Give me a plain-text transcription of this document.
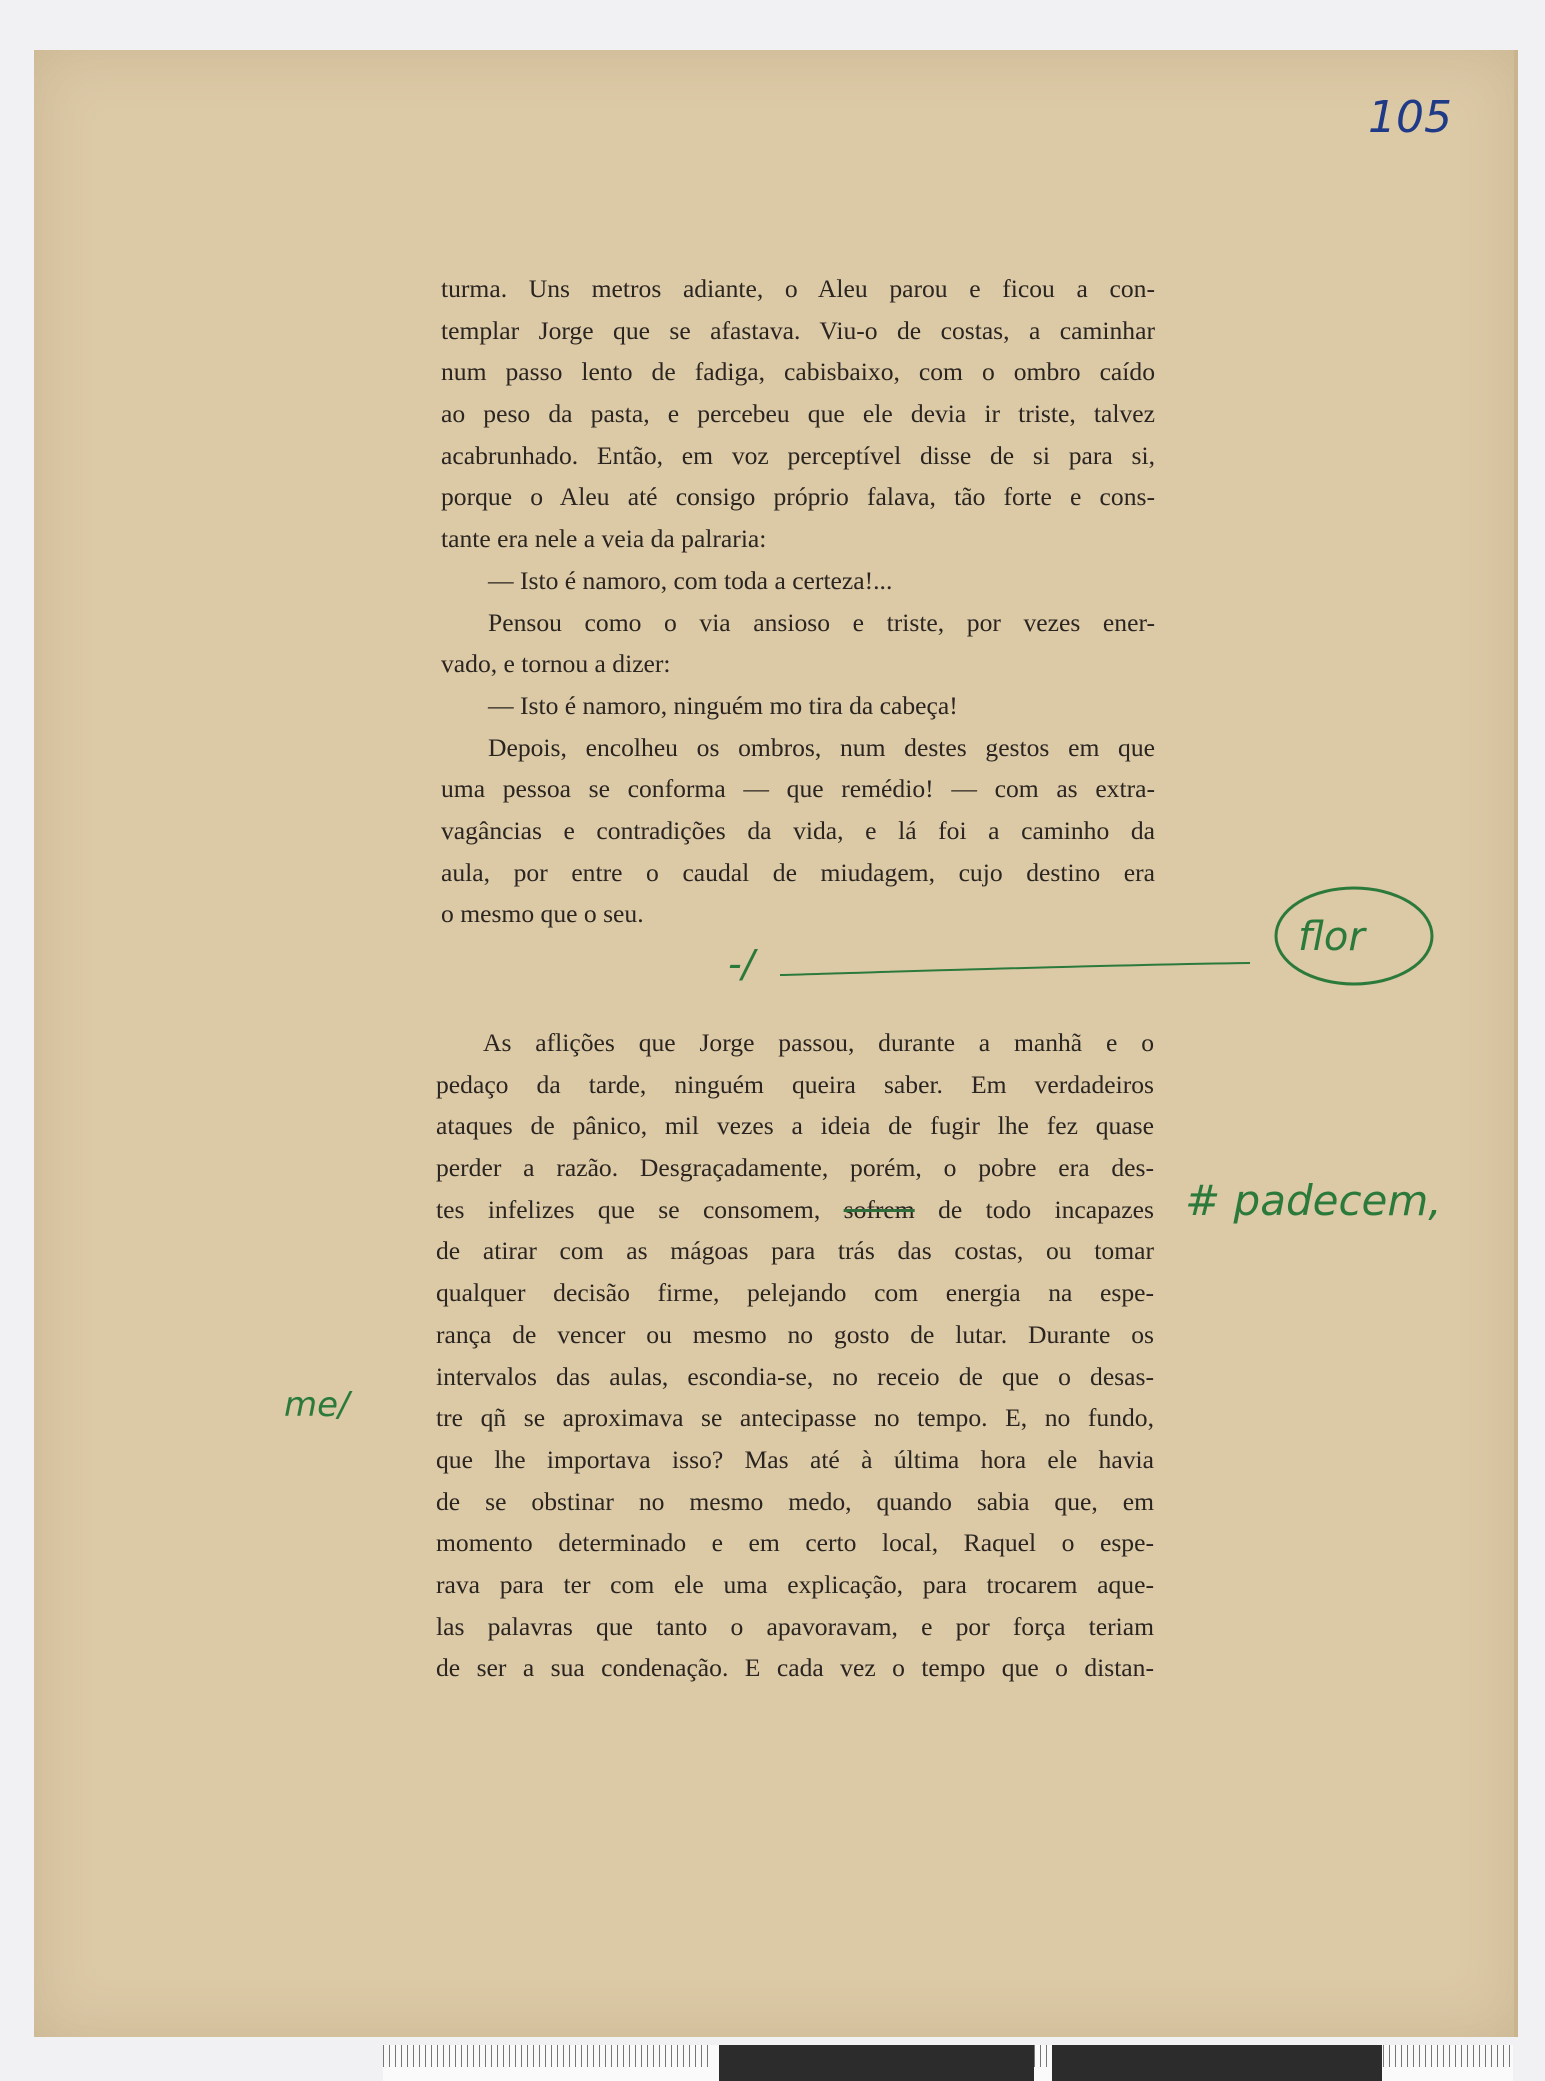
105
turma. Uns metros adiante, o Aleu parou e ficou a con-
templar Jorge que se afastava. Viu-o de costas, a caminhar
num passo lento de fadiga, cabisbaixo, com o ombro caído
ao peso da pasta, e percebeu que ele devia ir triste, talvez
acabrunhado. Então, em voz perceptível disse de si para si,
porque o Aleu até consigo próprio falava, tão forte e cons-
tante era nele a veia da palraria:
— Isto é namoro, com toda a certeza!...
Pensou como o via ansioso e triste, por vezes ener-
vado, e tornou a dizer:
— Isto é namoro, ninguém mo tira da cabeça!
Depois, encolheu os ombros, num destes gestos em que
uma pessoa se conforma — que remédio! — com as extra-
vagâncias e contradições da vida, e lá foi a caminho da
aula, por entre o caudal de miudagem, cujo destino era
o mesmo que o seu.
-/
flor
As aflições que Jorge passou, durante a manhã e o
pedaço da tarde, ninguém queira saber. Em verdadeiros
ataques de pânico, mil vezes a ideia de fugir lhe fez quase
perder a razão. Desgraçadamente, porém, o pobre era des-
tes infelizes que se consomem, sofrem de todo incapazes
de atirar com as mágoas para trás das costas, ou tomar
qualquer decisão firme, pelejando com energia na espe-
rança de vencer ou mesmo no gosto de lutar. Durante os
intervalos das aulas, escondia-se, no receio de que o desas-
tre qñ se aproximava se antecipasse no tempo. E, no fundo,
que lhe importava isso? Mas até à última hora ele havia
de se obstinar no mesmo medo, quando sabia que, em
momento determinado e em certo local, Raquel o espe-
rava para ter com ele uma explicação, para trocarem aque-
las palavras que tanto o apavoravam, e por força teriam
de ser a sua condenação. E cada vez o tempo que o distan-
# padecem,
me/
